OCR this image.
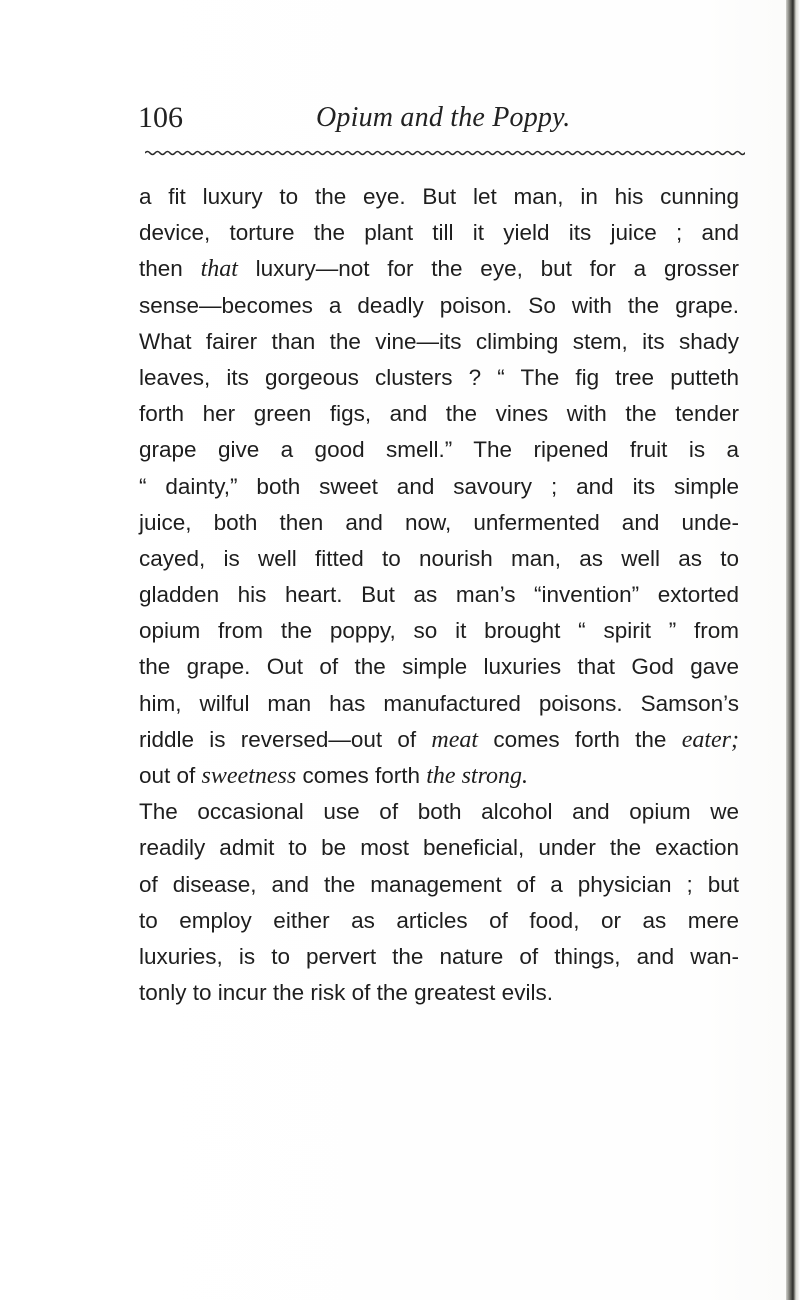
106	Opium and the Poppy.
a fit luxury to the eye. But let man, in his cunning
device, torture the plant till it yield its juice ; and
then that luxury—not for the eye, but for a grosser
sense—becomes a deadly poison. So with the grape.
What fairer than the vine—its climbing stem, its shady
leaves, its gorgeous clusters ? “ The fig tree putteth
forth her green figs, and the vines with the tender
grape give a good smell.” The ripened fruit is a
“ dainty,” both sweet and savoury ; and its simple
juice, both then and now, unfermented and unde-
cayed, is well fitted to nourish man, as well as to
gladden his heart. But as man’s “invention” extorted
opium from the poppy, so it brought “ spirit ” from
the grape. Out of the simple luxuries that God gave
him, wilful man has manufactured poisons. Samson’s
riddle is reversed—out of meat comes forth the eater;
out of sweetness comes forth the strong.
The occasional use of both alcohol and opium we
readily admit to be most beneficial, under the exaction
of disease, and the management of a physician ; but
to employ either as articles of food, or as mere
luxuries, is to pervert the nature of things, and wan-
tonly to incur the risk of the greatest evils.
